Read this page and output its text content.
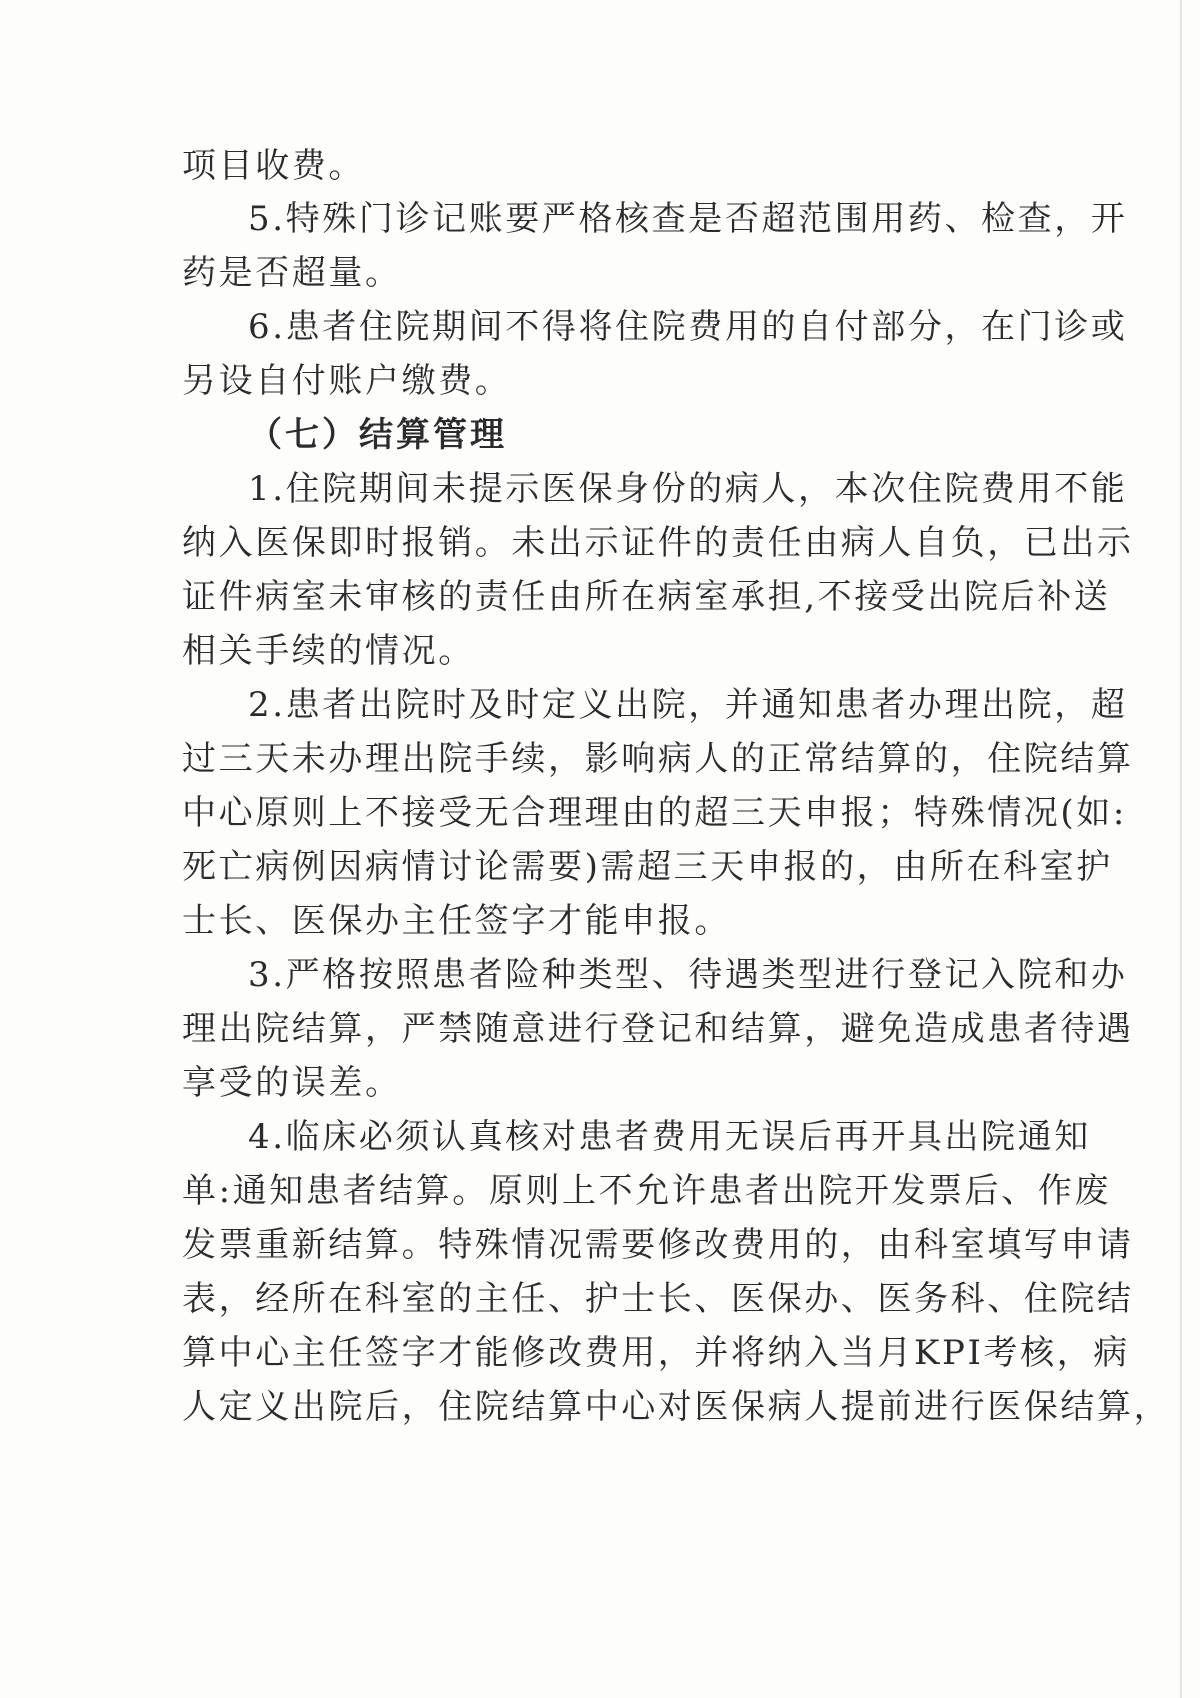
项目收费。
5.特殊门诊记账要严格核查是否超范围用药、检查，开
药是否超量。
6.患者住院期间不得将住院费用的自付部分，在门诊或
另设自付账户缴费。
（七）结算管理
1.住院期间未提示医保身份的病人，本次住院费用不能
纳入医保即时报销。未出示证件的责任由病人自负，已出示
证件病室未审核的责任由所在病室承担,不接受出院后补送
相关手续的情况。
2.患者出院时及时定义出院，并通知患者办理出院，超
过三天未办理出院手续，影响病人的正常结算的，住院结算
中心原则上不接受无合理理由的超三天申报；特殊情况(如:
死亡病例因病情讨论需要)需超三天申报的，由所在科室护
士长、医保办主任签字才能申报。
3.严格按照患者险种类型、待遇类型进行登记入院和办
理出院结算，严禁随意进行登记和结算，避免造成患者待遇
享受的误差。
4.临床必须认真核对患者费用无误后再开具出院通知
单:通知患者结算。原则上不允许患者出院开发票后、作废
发票重新结算。特殊情况需要修改费用的，由科室填写申请
表，经所在科室的主任、护士长、医保办、医务科、住院结
算中心主任签字才能修改费用，并将纳入当月KPI考核，病
人定义出院后，住院结算中心对医保病人提前进行医保结算，
